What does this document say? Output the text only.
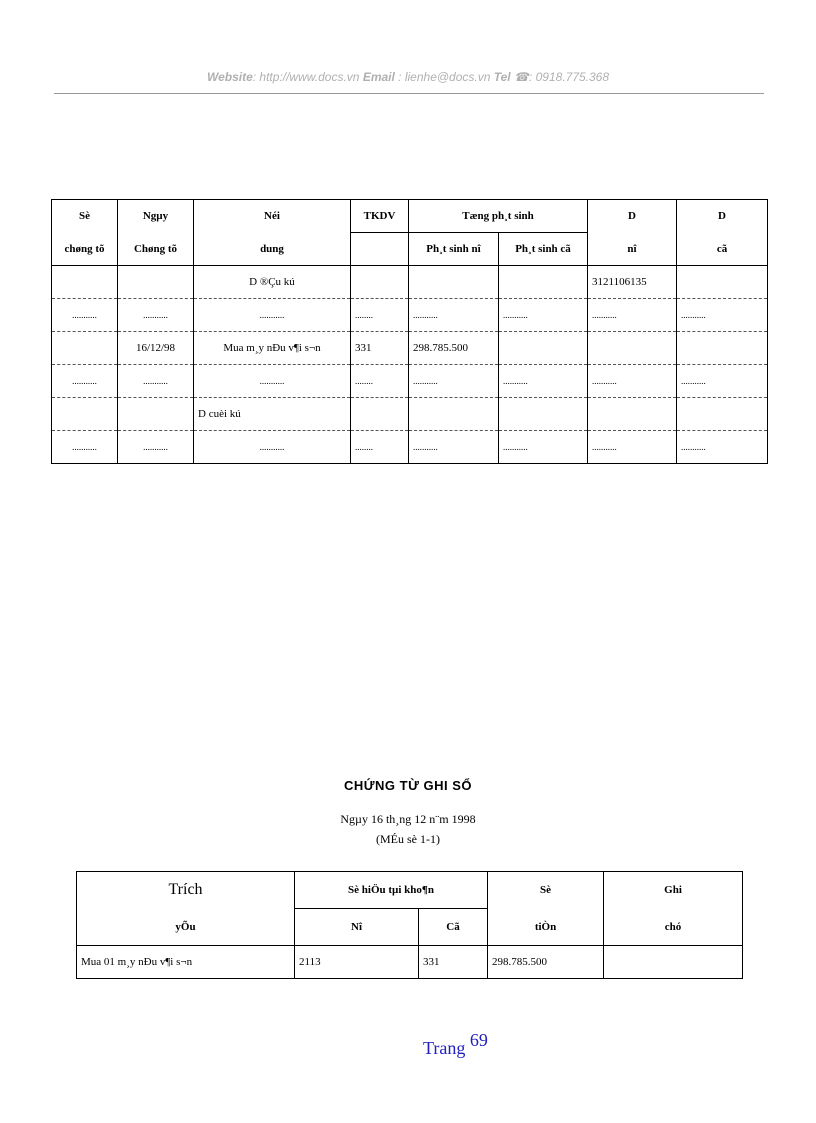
Website: http://www.docs.vn Email : lienhe@docs.vn Tel ☎: 0918.775.368
Sè	Ngµy	Néi	TKDV	Tæng ph¸t sinh		D	D
chøng tõ	Chøng tõ	dung		Ph¸t sinh nî	Ph¸t sinh cã	nî	cã
		D ®Çu kú				3121106135	
...........	...........	...........	........	...........	...........	...........	...........
	16/12/98	Mua m¸y nÐu v¶i s¬n	331	298.785.500			
...........	...........	...........	........	...........	...........	...........	...........
		D cuèi kú					
...........	...........	...........	........	...........	...........	...........	...........
CHỨNG TỪ GHI SỔ
Ngµy 16 th¸ng 12 n¨m 1998
(MÉu sè 1-1)
Trích	Sè hiÖu tµi kho¶n		Sè	Ghi
yÕu	Nî	Cã	tiÒn	chó
Mua 01 m¸y nÐu v¶i s¬n	2113	331	298.785.500	
Trang $^{69}$
